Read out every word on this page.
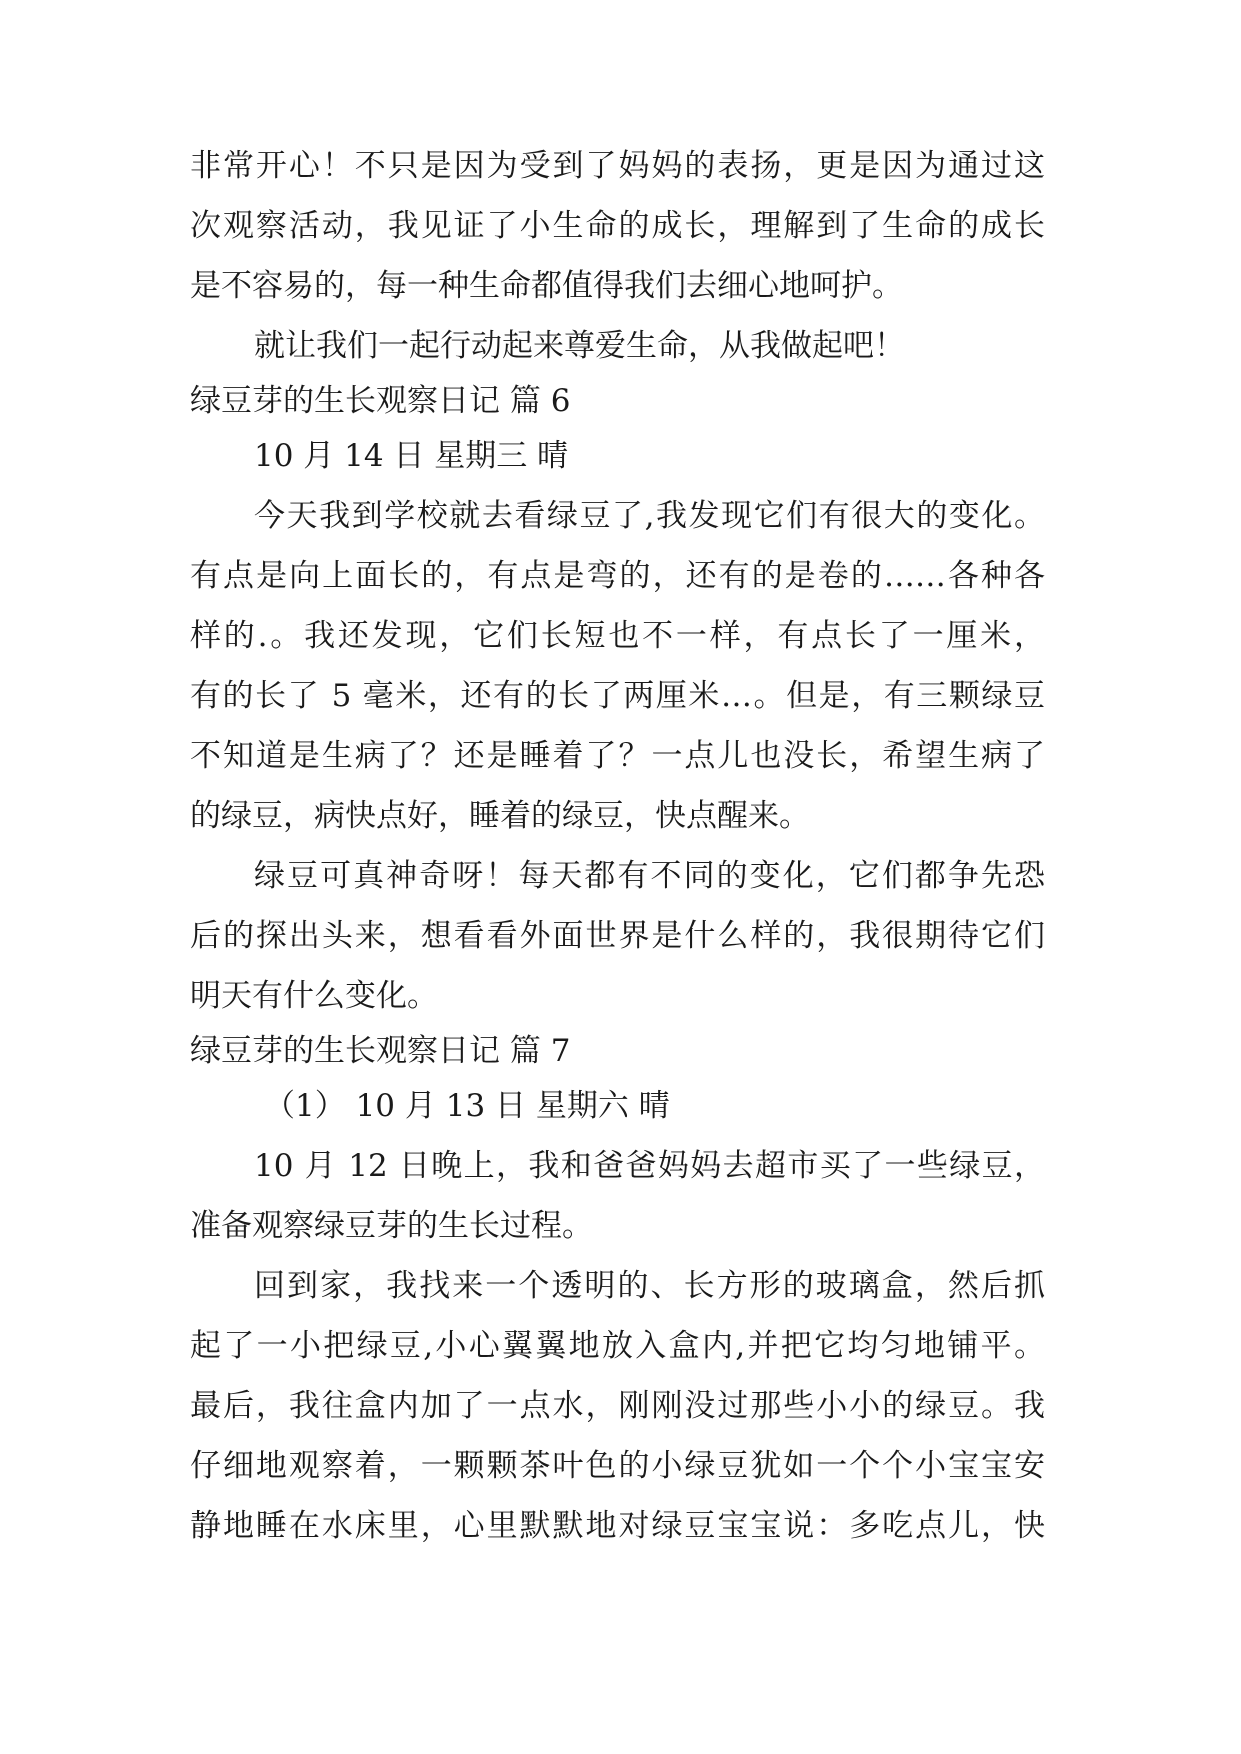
非常开心！不只是因为受到了妈妈的表扬，更是因为通过这
次观察活动，我见证了小生命的成长，理解到了生命的成长
是不容易的，每一种生命都值得我们去细心地呵护。
就让我们一起行动起来尊爱生命，从我做起吧！
绿豆芽的生长观察日记 篇 6
10 月 14 日 星期三 晴
今天我到学校就去看绿豆了,我发现它们有很大的变化。
有点是向上面长的，有点是弯的，还有的是卷的……各种各
样的.。我还发现，它们长短也不一样，有点长了一厘米，
有的长了 5 毫米，还有的长了两厘米…。但是，有三颗绿豆
不知道是生病了？还是睡着了？一点儿也没长，希望生病了
的绿豆，病快点好，睡着的绿豆，快点醒来。
绿豆可真神奇呀！每天都有不同的变化，它们都争先恐
后的探出头来，想看看外面世界是什么样的，我很期待它们
明天有什么变化。
绿豆芽的生长观察日记 篇 7
（1） 10 月 13 日 星期六 晴
10 月 12 日晚上，我和爸爸妈妈去超市买了一些绿豆，
准备观察绿豆芽的生长过程。
回到家，我找来一个透明的、长方形的玻璃盒，然后抓
起了一小把绿豆,小心翼翼地放入盒内,并把它均匀地铺平。
最后，我往盒内加了一点水，刚刚没过那些小小的绿豆。我
仔细地观察着，一颗颗茶叶色的小绿豆犹如一个个小宝宝安
静地睡在水床里，心里默默地对绿豆宝宝说：多吃点儿，快
